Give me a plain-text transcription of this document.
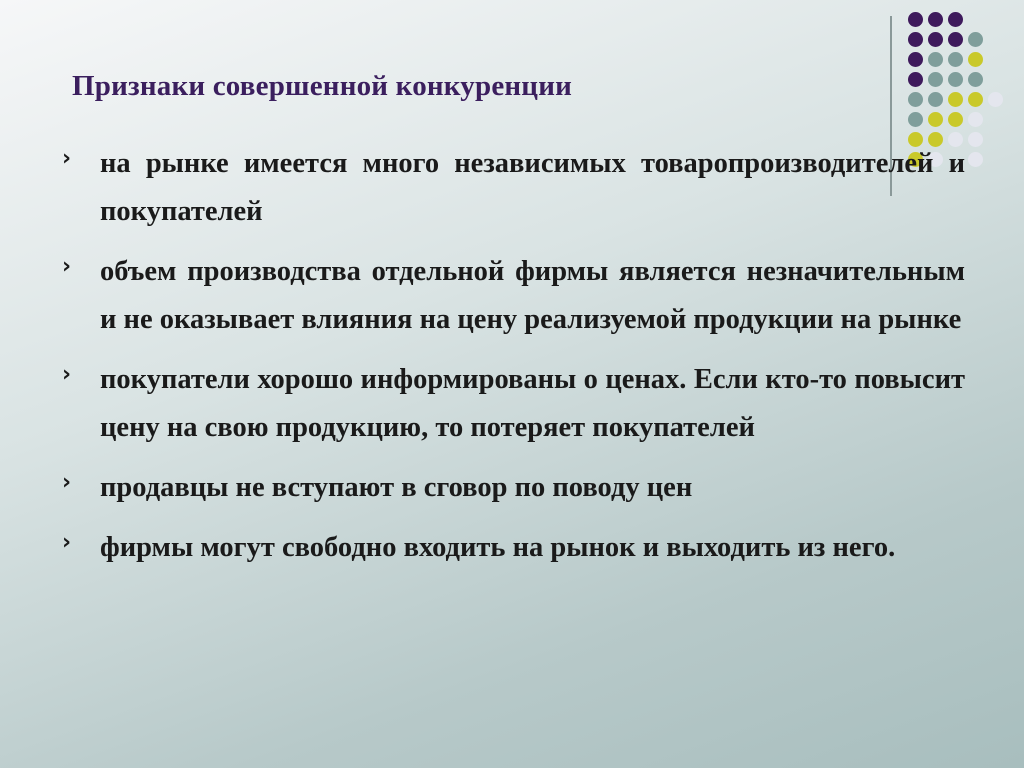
Признаки совершенной конкуренции
› на рынке имеется много независимых товаропроизводителей и покупателей
› объем производства отдельной фирмы является незначительным и не оказывает влияния на цену реализуемой продукции на рынке
› покупатели хорошо информированы о ценах. Если кто-то повысит цену на свою продукцию, то потеряет покупателей
› продавцы не вступают в сговор по поводу цен
› фирмы могут свободно входить на рынок и выходить из него.
